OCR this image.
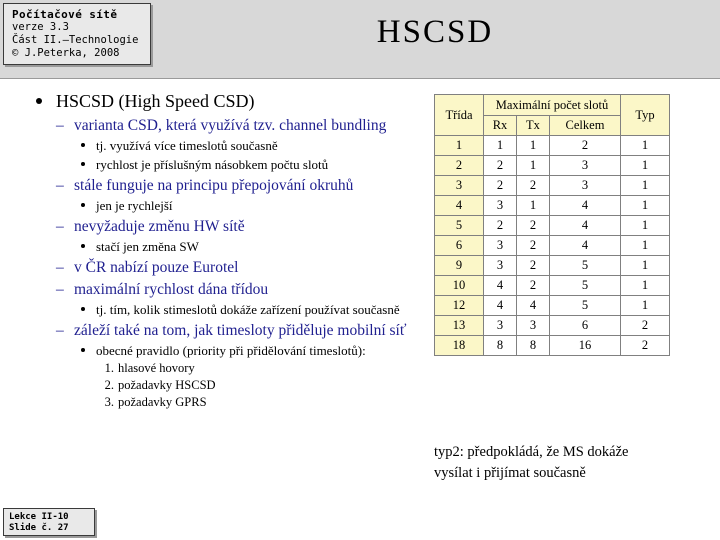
Počítačové sítě
verze 3.3
Část II.–Technologie
© J.Peterka, 2008
HSCSD
Lekce II-10
Slide č. 27
HSCSD (High Speed CSD)
– varianta CSD, která využívá tzv. channel bundling
tj. využívá více timeslotů současně
rychlost je příslušným násobkem počtu slotů
– stále funguje na principu přepojování okruhů
jen je rychlejší
– nevyžaduje změnu HW sítě
stačí jen změna SW
– v ČR nabízí pouze Eurotel
– maximální rychlost dána třídou
tj. tím, kolik stimeslotů dokáže zařízení používat současně
– záleží také na tom, jak timesloty přiděluje mobilní síť
obecné pravidlo (priority při přidělování timeslotů):
1. hlasové hovory
2. požadavky HSCSD
3. požadavky GPRS
Třída	Maximální počet slotů			Typ
	Rx	Tx	Celkem	
1	1	1	2	1
2	2	1	3	1
3	2	2	3	1
4	3	1	4	1
5	2	2	4	1
6	3	2	4	1
9	3	2	5	1
10	4	2	5	1
12	4	4	5	1
13	3	3	6	2
18	8	8	16	2
typ2: předpokládá, že MS dokáže
vysílat i přijímat současně
